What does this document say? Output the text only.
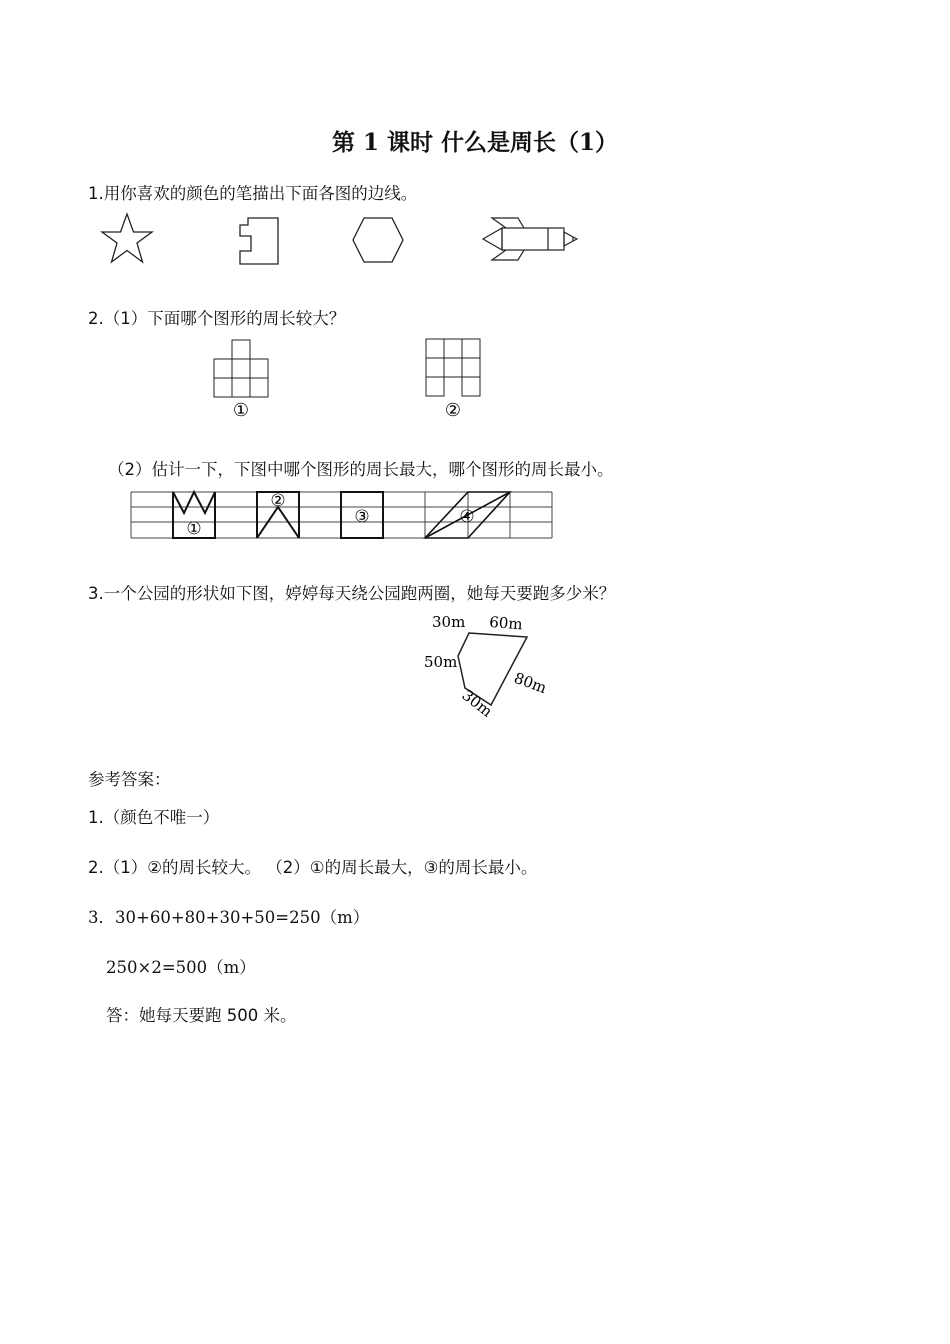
第 1 课时 什么是周长（1）
1.用你喜欢的颜色的笔描出下面各图的边线。
2.（1）下面哪个图形的周长较大？
①	②
（2）估计一下，下图中哪个图形的周长最大，哪个图形的周长最小。
①
②
③	④
3.一个公园的形状如下图，婷婷每天绕公园跑两圈，她每天要跑多少米？
30m 60m
50m
80m
30m
参考答案：
1.（颜色不唯一）
2.（1）②的周长较大。 （2）①的周长最大，③的周长最小。
3．30+60+80+30+50=250（m）
250×2=500（m）
答：她每天要跑 500 米。
